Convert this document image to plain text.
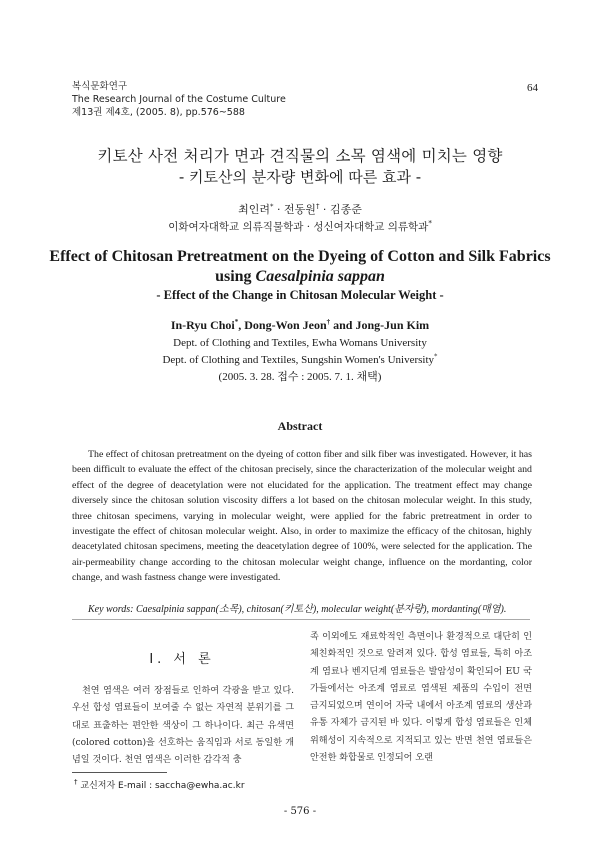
복식문화연구
The Research Journal of the Costume Culture
제13권 제4호, (2005. 8), pp.576~588
64
키토산 사전 처리가 면과 견직물의 소목 염색에 미치는 영향
- 키토산의 분자량 변화에 따른 효과 -
최인려* · 전동원† · 김종준
이화여자대학교 의류직물학과 · 성신여자대학교 의류학과*
Effect of Chitosan Pretreatment on the Dyeing of Cotton and Silk Fabrics
using Caesalpinia sappan
- Effect of the Change in Chitosan Molecular Weight -
In-Ryu Choi*, Dong-Won Jeon† and Jong-Jun Kim
Dept. of Clothing and Textiles, Ewha Womans University
Dept. of Clothing and Textiles, Sungshin Women's University*
(2005. 3. 28. 접수 : 2005. 7. 1. 채택)
Abstract
The effect of chitosan pretreatment on the dyeing of cotton fiber and silk fiber was investigated. However, it has been difficult to evaluate the effect of the chitosan precisely, since the characterization of the molecular weight and effect of the degree of deacetylation were not elucidated for the application. The treatment effect may change diversely since the chitosan solution viscosity differs a lot based on the chitosan molecular weight. In this study, three chitosan specimens, varying in molecular weight, were applied for the fabric pretreatment in order to investigate the effect of chitosan molecular weight. Also, in order to maximize the efficacy of the chitosan, highly deacetylated chitosan specimens, meeting the deacetylation degree of 100%, were selected for the application. The air-permeability change according to the chitosan molecular weight change, influence on the mordanting, color change, and wash fastness change were investigated.
Key words: Caesalpinia sappan(소목), chitosan(키토산), molecular weight(분자량), mordanting(매염).
Ⅰ. 서 론
천연 염색은 여러 장점들로 인하여 각광을 받고 있다. 우선 합성 염료들이 보여줄 수 없는 자연적 분위기를 그대로 표출하는 편안한 색상이 그 하나이다. 최근 유색면(colored cotton)을 선호하는 움직임과 서로 동일한 개념일 것이다. 천연 염색은 이러한 감각적 충
족 이외에도 재료학적인 측면이나 환경적으로 대단히 인체친화적인 것으로 알려져 있다. 합성 염료들, 특히 아조계 염료나 벤지딘계 염료들은 발암성이 확인되어 EU 국가들에서는 아조계 염료로 염색된 제품의 수입이 전면 금지되었으며 연이어 자국 내에서 아조계 염료의 생산과 유통 자체가 금지된 바 있다. 이렇게 합성 염료들은 인체 위해성이 지속적으로 지적되고 있는 반면 천연 염료들은 안전한 화합물로 인정되어 오랜
† 교신저자 E-mail : saccha@ewha.ac.kr
- 576 -
